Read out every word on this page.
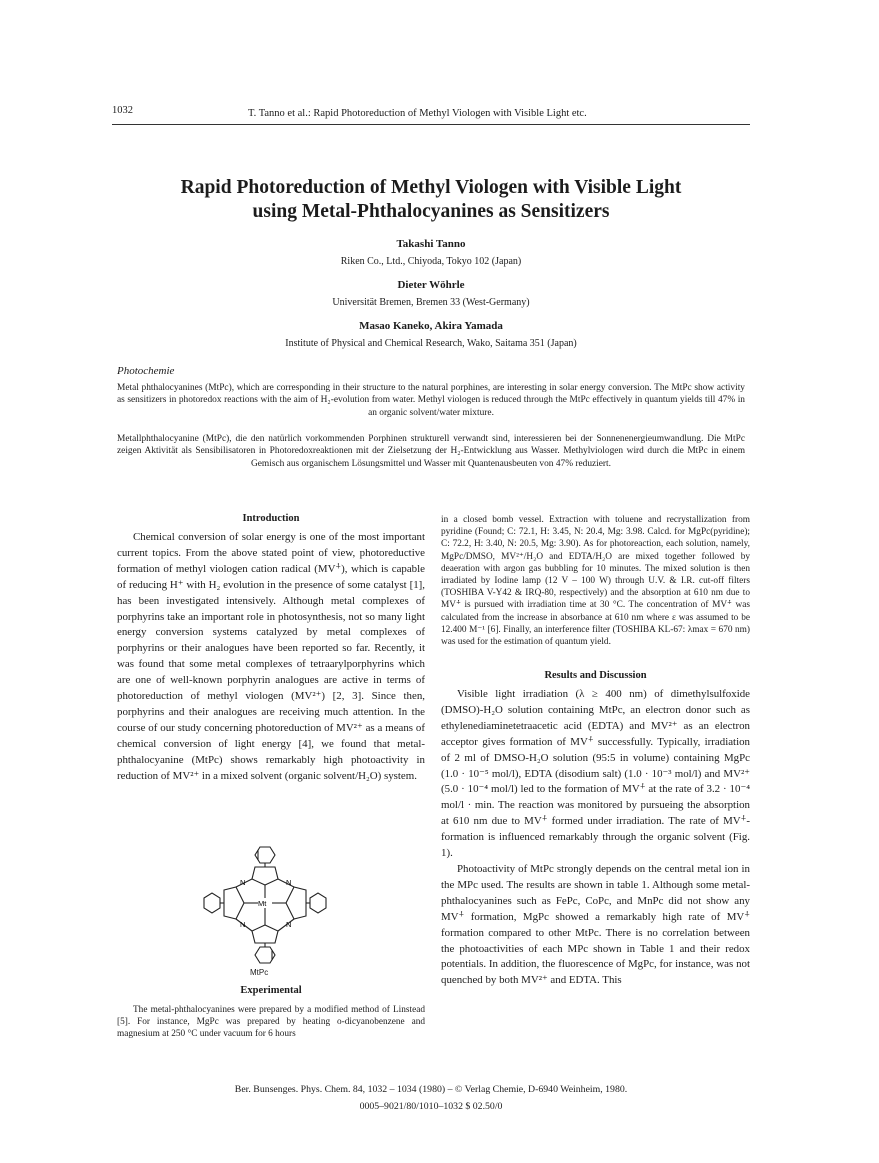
1032	T. Tanno et al.: Rapid Photoreduction of Methyl Viologen with Visible Light etc.
Rapid Photoreduction of Methyl Viologen with Visible Light
using Metal-Phthalocyanines as Sensitizers
Takashi Tanno
Riken Co., Ltd., Chiyoda, Tokyo 102 (Japan)
Dieter Wöhrle
Universität Bremen, Bremen 33 (West-Germany)
Masao Kaneko, Akira Yamada
Institute of Physical and Chemical Research, Wako, Saitama 351 (Japan)
Photochemie
Metal phthalocyanines (MtPc), which are corresponding in their structure to the natural porphines, are interesting in solar energy conversion. The MtPc show activity as sensitizers in photoredox reactions with the aim of H₂-evolution from water. Methyl viologen is reduced through the MtPc effectively in quantum yields till 47% in an organic solvent/water mixture.
Metallphthalocyanine (MtPc), die den natürlich vorkommenden Porphinen strukturell verwandt sind, interessieren bei der Sonnenenergieumwandlung. Die MtPc zeigen Aktivität als Sensibilisatoren in Photoredoxreaktionen mit der Zielsetzung der H₂-Entwicklung aus Wasser. Methylviologen wird durch die MtPc in einem Gemisch aus organischem Lösungsmittel und Wasser mit Quantenausbeuten von 47% reduziert.
Introduction

Chemical conversion of solar energy is one of the most important current topics. From the above stated point of view, photoreductive formation of methyl viologen cation radical (MV⁺̇), which is capable of reducing H⁺ with H₂ evolution in the presence of some catalyst [1], has been investigated intensively. Although metal complexes of porphyrins take an important role in photosynthesis, not so many light energy conversion systems catalyzed by metal complexes of porphyrins or their analogues have been reported so far. Recently, it was found that some metal complexes of tetraarylporphyrins which are one of well-known porphyrin analogues are active in terms of photoreduction of methyl viologen (MV²⁺) [2, 3]. Since then, porphyrins and their analogues are receiving much attention. In the course of our study concerning photoreduction of MV²⁺ as a means of chemical conversion of light energy [4], we found that metal-phthalocyanine (MtPc) shows remarkably high photoactivity in reduction of MV²⁺ in a mixed solvent (organic solvent/H₂O) system.

Mt
N	N
N	N
MtPc
Experimental

The metal-phthalocyanines were prepared by a modified method of Linstead [5]. For instance, MgPc was prepared by heating o-dicyanobenzene and magnesium at 250 °C under vacuum for 6 hours

in a closed bomb vessel. Extraction with toluene and recrystallization from pyridine (Found; C: 72.1, H: 3.45, N: 20.4, Mg: 3.98. Calcd. for MgPc(pyridine); C: 72.2, H: 3.40, N: 20.5, Mg: 3.90). As for photoreaction, each solution, namely, MgPc/DMSO, MV²⁺/H₂O and EDTA/H₂O are mixed together followed by deaeration with argon gas bubbling for 10 minutes. The mixed solution is then irradiated by Iodine lamp (12 V – 100 W) through U.V. & I.R. cut-off filters (TOSHIBA V-Y42 & IRQ-80, respectively) and the absorption at 610 nm due to MV⁺̇ is pursued with irradiation time at 30 °C. The concentration of MV⁺̇ was calculated from the increase in absorbance at 610 nm where ε was assumed to be 12.400 M⁻¹ [6]. Finally, an interference filter (TOSHIBA KL-67: λmax = 670 nm) was used for the estimation of quantum yield.

Results and Discussion

Visible light irradiation (λ ≥ 400 nm) of dimethylsulfoxide (DMSO)-H₂O solution containing MtPc, an electron donor such as ethylenediaminetetraacetic acid (EDTA) and MV²⁺ as an electron acceptor gives formation of MV⁺̇ successfully. Typically, irradiation of 2 ml of DMSO-H₂O solution (95:5 in volume) containing MgPc (1.0 · 10⁻⁵ mol/l), EDTA (disodium salt) (1.0 · 10⁻³ mol/l) and MV²⁺ (5.0 · 10⁻⁴ mol/l) led to the formation of MV⁺̇ at the rate of 3.2 · 10⁻⁴ mol/l · min. The reaction was monitored by pursueing the absorption at 610 nm due to MV⁺̇ formed under irradiation. The rate of MV⁺̇-formation is influenced remarkably through the organic solvent (Fig. 1).

Photoactivity of MtPc strongly depends on the central metal ion in the MPc used. The results are shown in table 1. Although some metal-phthalocyanines such as FePc, CoPc, and MnPc did not show any MV⁺̇ formation, MgPc showed a remarkably high rate of MV⁺̇ formation compared to other MtPc. There is no correlation between the photoactivities of each MPc shown in Table 1 and their redox potentials. In addition, the fluorescence of MgPc, for instance, was not quenched by both MV²⁺ and EDTA. This

Ber. Bunsenges. Phys. Chem. 84, 1032 – 1034 (1980) – © Verlag Chemie, D-6940 Weinheim, 1980.
0005–9021/80/1010–1032 $ 02.50/0
